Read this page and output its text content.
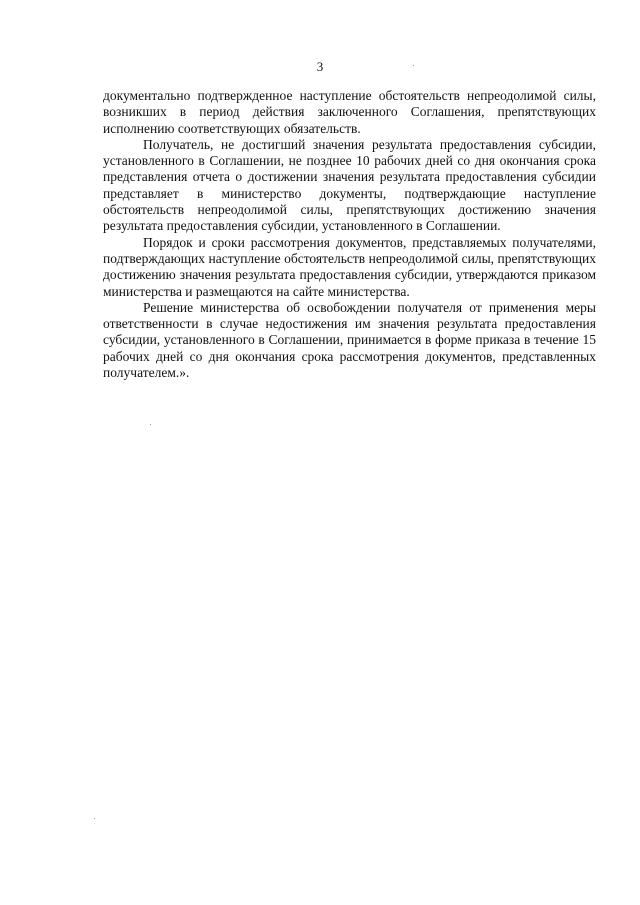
3

документально подтвержденное наступление обстоятельств непреодолимой силы, возникших в период действия заключенного Соглашения, препятствующих исполнению соответствующих обязательств.

Получатель, не достигший значения результата предоставления субсидии, установленного в Соглашении, не позднее 10 рабочих дней со дня окончания срока представления отчета о достижении значения результата предоставления субсидии представляет в министерство документы, подтверждающие наступление обстоятельств непреодолимой силы, препятствующих достижению значения результата предоставления субсидии, установленного в Соглашении.

Порядок и сроки рассмотрения документов, представляемых получателями, подтверждающих наступление обстоятельств непреодолимой силы, препятствующих достижению значения результата предоставления субсидии, утверждаются приказом министерства и размещаются на сайте министерства.

Решение министерства об освобождении получателя от применения меры ответственности в случае недостижения им значения результата предоставления субсидии, установленного в Соглашении, принимается в форме приказа в течение 15 рабочих дней со дня окончания срока рассмотрения документов, представленных получателем.».
